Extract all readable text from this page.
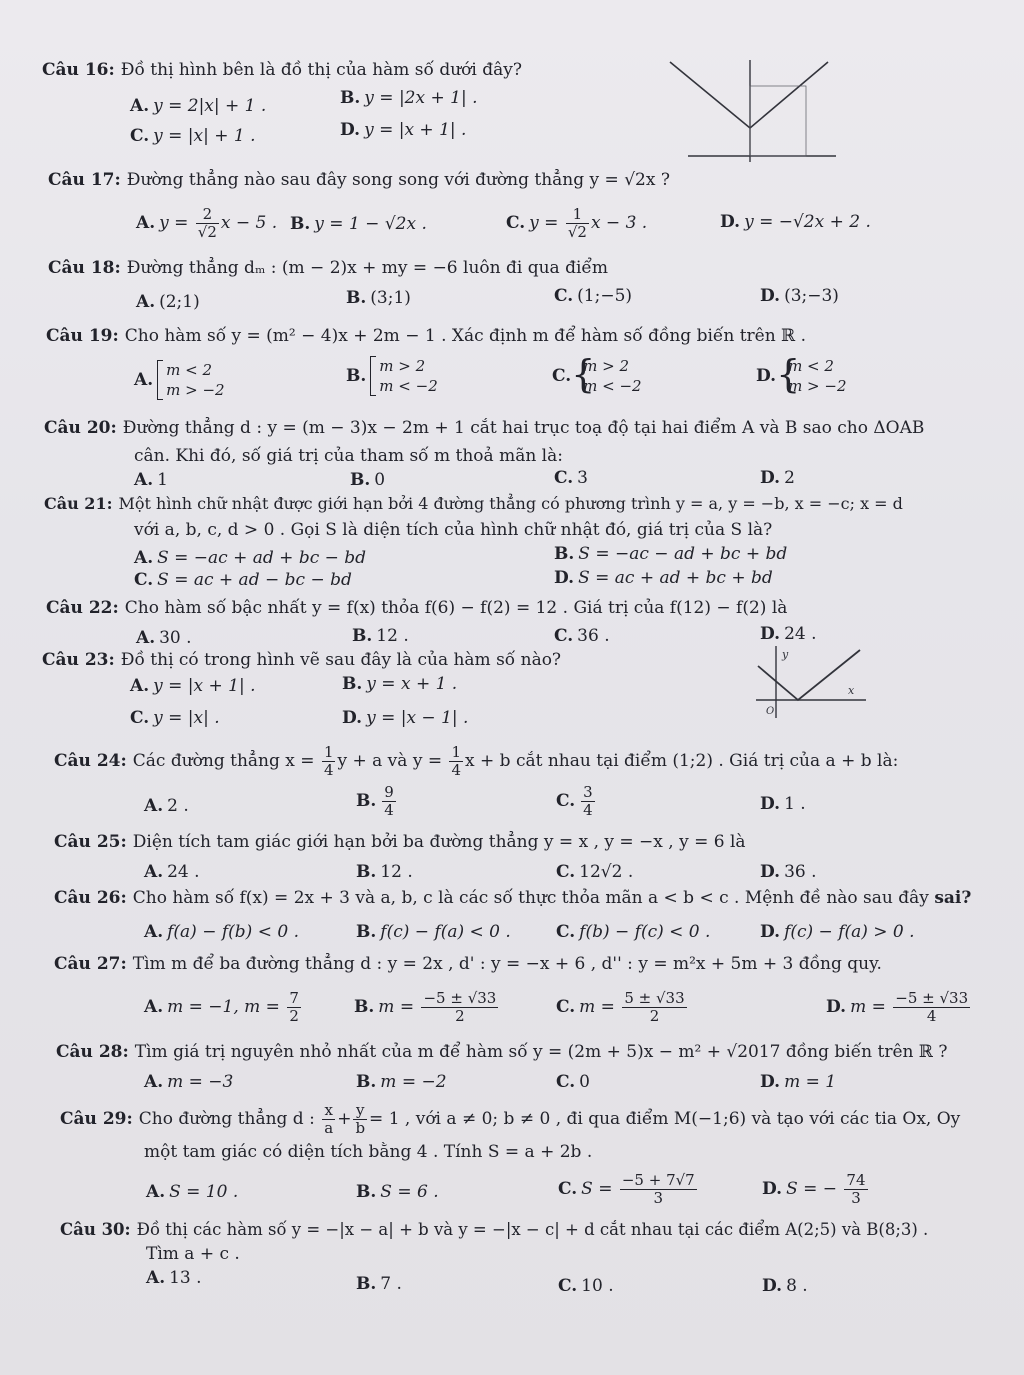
Câu 16: Đồ thị hình bên là đồ thị của hàm số dưới đây?
A. y = 2|x| + 1 .	B. y = |2x + 1| .
C. y = |x| + 1 .	D. y = |x + 1| .
Câu 17: Đường thẳng nào sau đây song song với đường thẳng y = √2x ?
A. $y = \frac{2}{√2}$ x − 5 . B. y = 1 − √2x .	C. $y = \frac{1}{√2}$ x − 3 .	D. y = −√2x + 2 .
Câu 18: Đường thẳng dₘ : (m − 2)x + my = −6 luôn đi qua điểm
A. (2;1)	B. (3;1)	C. (1;−5)	D. (3;−3)
Câu 19: Cho hàm số y = (m² − 4)x + 2m − 1 . Xác định m để hàm số đồng biến trên ℝ .
A. m < 2
m > −2
B. m > 2
m < −2
C. { m > 2
m < −2
D. { m < 2
m > −2
Câu 20: Đường thẳng d : y = (m − 3)x − 2m + 1 cắt hai trục toạ độ tại hai điểm A và B sao cho ΔOAB
cân. Khi đó, số giá trị của tham số m thoả mãn là:
A. 1	B. 0	C. 3	D. 2
Câu 21: Một hình chữ nhật được giới hạn bởi 4 đường thẳng có phương trình y = a, y = −b, x = −c; x = d
với a, b, c, d > 0 . Gọi S là diện tích của hình chữ nhật đó, giá trị của S là?
A. S = −ac + ad + bc − bd	B. S = −ac − ad + bc + bd
C. S = ac + ad − bc − bd	D. S = ac + ad + bc + bd
Câu 22: Cho hàm số bậc nhất y = f(x) thỏa f(6) − f(2) = 12 . Giá trị của f(12) − f(2) là
A. 30 .	B. 12 .	C. 36 .	D. 24 .
Câu 23: Đồ thị có trong hình vẽ sau đây là của hàm số nào?
A. y = |x + 1| .	B. y = x + 1 .
C. y = |x| .	D. y = |x − 1| .
y
x
O
Câu 24: Các đường thẳng $x = \frac{1}{4}$ y + a và $y = \frac{1}{4}$ x + b cắt nhau tại điểm (1;2) . Giá trị của a + b là:
A. 2 .	B. $\frac{9}{4}$	C. $\frac{3}{4}$	D. 1 .
Câu 25: Diện tích tam giác giới hạn bởi ba đường thẳng y = x , y = −x , y = 6 là
A. 24 .	B. 12 .	C. 12√2 .	D. 36 .
Câu 26: Cho hàm số f(x) = 2x + 3 và a, b, c là các số thực thỏa mãn a < b < c . Mệnh đề nào sau đây sai?
A. f(a) − f(b) < 0 .	B. f(c) − f(a) < 0 .	C. f(b) − f(c) < 0 .	D. f(c) − f(a) > 0 .
Câu 27: Tìm m để ba đường thẳng d : y = 2x , d' : y = −x + 6 , d'' : y = m²x + 5m + 3 đồng quy.
A. m = −1, $m = \frac{7}{2}$	B. $m = \frac{-5 \pm √33}{2}$	C. $m = \frac{5 \pm √33}{2}$	D. $m = \frac{-5 \pm √33}{4}$
Câu 28: Tìm giá trị nguyên nhỏ nhất của m để hàm số y = (2m + 5)x − m² + √2017 đồng biến trên ℝ ?
A. m = −3	B. m = −2	C. 0	D. m = 1
Câu 29: Cho đường thẳng d : $\frac{x}{a} + \frac{y}{b} = 1$ , với a ≠ 0; b ≠ 0 , đi qua điểm M(−1;6) và tạo với các tia Ox, Oy
một tam giác có diện tích bằng 4 . Tính S = a + 2b .
A. S = 10 .	B. S = 6 .	C. $S = \frac{-5 + 7√7}{3}$	D. S = − $\frac{74}{3}$
Câu 30: Đồ thị các hàm số y = −|x − a| + b và y = −|x − c| + d cắt nhau tại các điểm A(2;5) và B(8;3) .
Tìm a + c .
A. 13 .	B. 7 .	C. 10 .	D. 8 .
